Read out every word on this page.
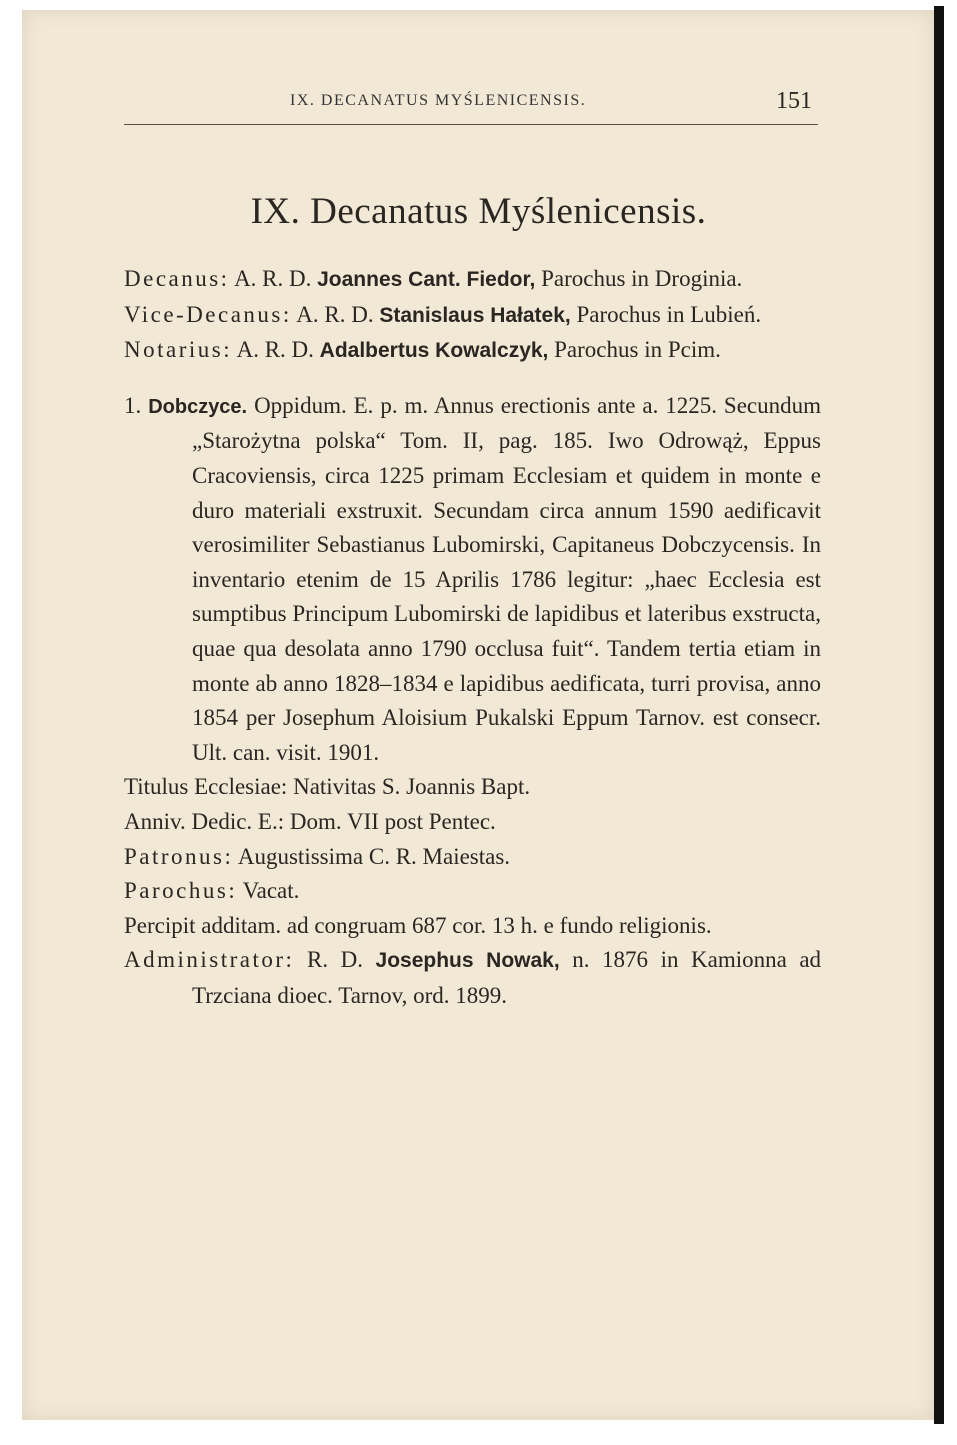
IX. DECANATUS MYŚLENICENSIS.	151
IX. Decanatus Myślenicensis.

Decanus: A. R. D. Joannes Cant. Fiedor, Parochus in Droginia.

Vice-Decanus: A. R. D. Stanislaus Hałatek, Parochus in Lubień.

Notarius: A. R. D. Adalbertus Kowalczyk, Parochus in Pcim.

1. Dobczyce. Oppidum. E. p. m. Annus erectionis ante a. 1225. Secundum „Starożytna polska“ Tom. II, pag. 185. Iwo Odrowąż, Eppus Cracoviensis, circa 1225 primam Ecclesiam et quidem in monte e duro materiali exstruxit. Secundam circa annum 1590 aedificavit verosimiliter Sebastianus Lubomirski, Capitaneus Dobczycensis. In inventario etenim de 15 Aprilis 1786 legitur: „haec Ecclesia est sumptibus Principum Lubomirski de lapidibus et lateribus exstructa, quae qua desolata anno 1790 occlusa fuit“. Tandem tertia etiam in monte ab anno 1828–1834 e lapidibus aedificata, turri provisa, anno 1854 per Josephum Aloisium Pukalski Eppum Tarnov. est consecr. Ult. can. visit. 1901.

Titulus Ecclesiae: Nativitas S. Joannis Bapt.

Anniv. Dedic. E.: Dom. VII post Pentec.

Patronus: Augustissima C. R. Maiestas.

Parochus: Vacat.

Percipit additam. ad congruam 687 cor. 13 h. e fundo religionis.

Administrator: R. D. Josephus Nowak, n. 1876 in Kamionna ad Trzciana dioec. Tarnov, ord. 1899.
